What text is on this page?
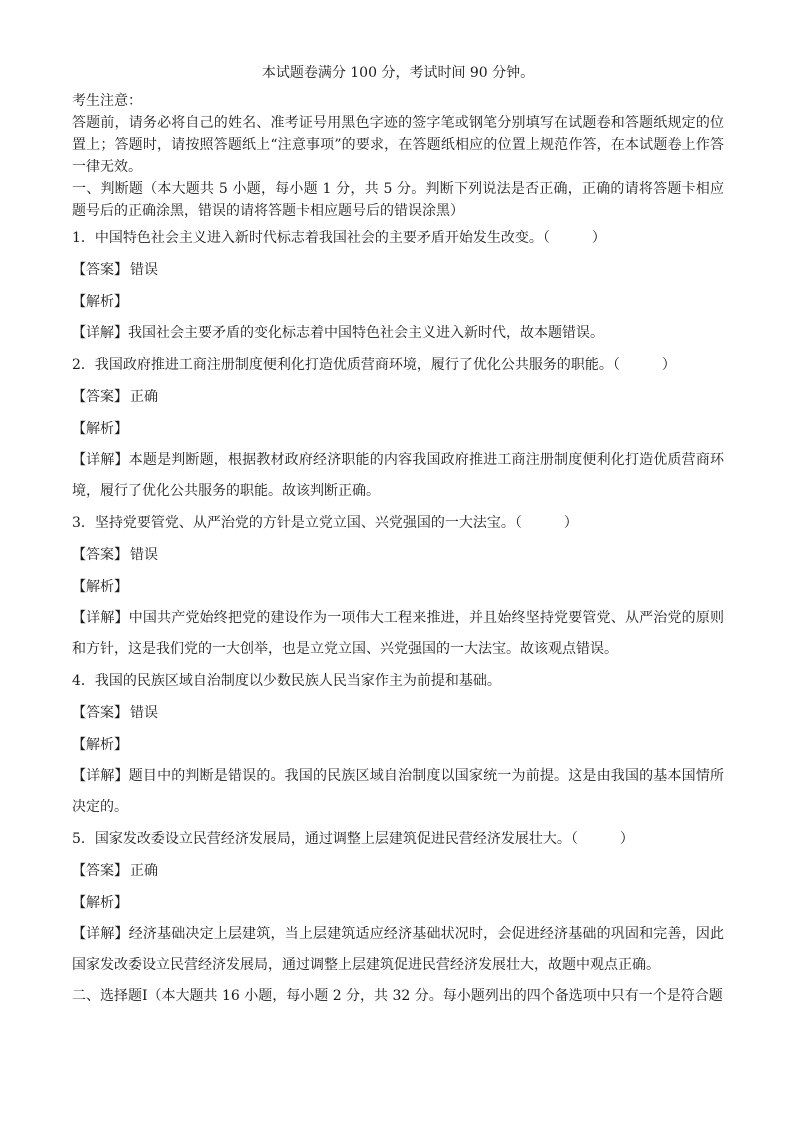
本试题卷满分 100 分，考试时间 90 分钟。
考生注意：
答题前，请务必将自己的姓名、准考证号用黑色字迹的签字笔或钢笔分别填写在试题卷和答题纸规定的位置上；答题时，请按照答题纸上“注意事项”的要求，在答题纸相应的位置上规范作答，在本试题卷上作答一律无效。
一、判断题（本大题共 5 小题，每小题 1 分，共 5 分。判断下列说法是否正确，正确的请将答题卡相应题号后的正确涂黑，错误的请将答题卡相应题号后的错误涂黑）
1．中国特色社会主义进入新时代标志着我国社会的主要矛盾开始发生改变。（　　　）
【答案】 错误
【解析】
【详解】我国社会主要矛盾的变化标志着中国特色社会主义进入新时代，故本题错误。
2．我国政府推进工商注册制度便利化打造优质营商环境，履行了优化公共服务的职能。（　　　）
【答案】 正确
【解析】
【详解】本题是判断题，根据教材政府经济职能的内容我国政府推进工商注册制度便利化打造优质营商环境，履行了优化公共服务的职能。故该判断正确。
3．坚持党要管党、从严治党的方针是立党立国、兴党强国的一大法宝。（　　　）
【答案】 错误
【解析】
【详解】中国共产党始终把党的建设作为一项伟大工程来推进，并且始终坚持党要管党、从严治党的原则和方针，这是我们党的一大创举，也是立党立国、兴党强国的一大法宝。故该观点错误。
4．我国的民族区域自治制度以少数民族人民当家作主为前提和基础。
【答案】 错误
【解析】
【详解】题目中的判断是错误的。我国的民族区域自治制度以国家统一为前提。这是由我国的基本国情所决定的。
5．国家发改委设立民营经济发展局，通过调整上层建筑促进民营经济发展壮大。（　　　）
【答案】 正确
【解析】
【详解】经济基础决定上层建筑，当上层建筑适应经济基础状况时，会促进经济基础的巩固和完善，因此国家发改委设立民营经济发展局，通过调整上层建筑促进民营经济发展壮大，故题中观点正确。
二、选择题Ⅰ（本大题共 16 小题，每小题 2 分，共 32 分。每小题列出的四个备选项中只有一个是符合题
